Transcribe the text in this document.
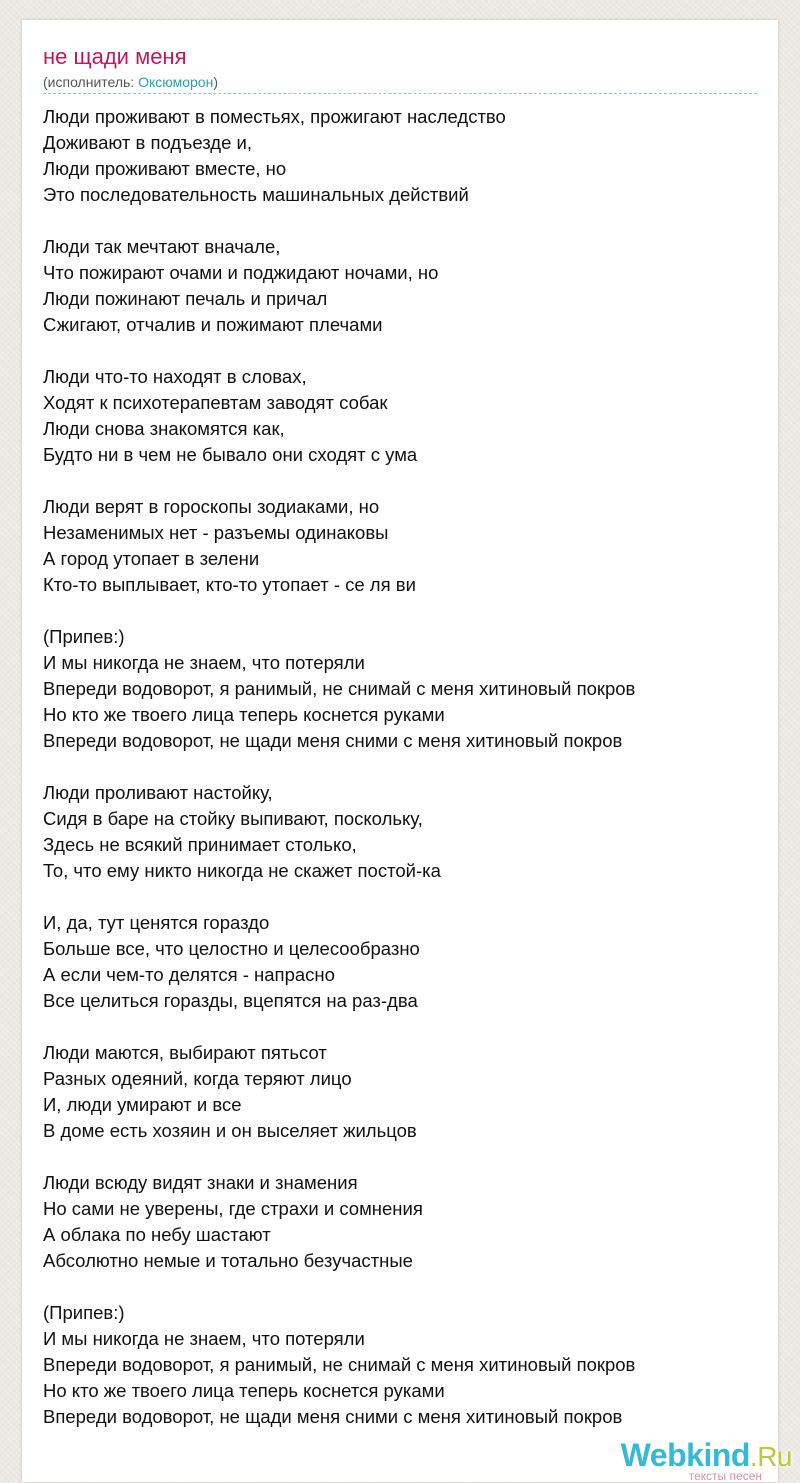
не щади меня
(исполнитель: Оксюморон)
Люди проживают в поместьях, прожигают наследство
Доживают в подъезде и,
Люди проживают вместе, но
Это последовательность машинальных действий
Люди так мечтают вначале,
Что пожирают очами и поджидают ночами, но
Люди пожинают печаль и причал
Сжигают, отчалив и пожимают плечами
Люди что-то находят в словах,
Ходят к психотерапевтам заводят собак
Люди снова знакомятся как,
Будто ни в чем не бывало они сходят с ума
Люди верят в гороскопы зодиаками, но
Незаменимых нет - разъемы одинаковы
А город утопает в зелени
Кто-то выплывает, кто-то утопает - се ля ви
(Припев:)
И мы никогда не знаем, что потеряли
Впереди водоворот, я ранимый, не снимай с меня хитиновый покров
Но кто же твоего лица теперь коснется руками
Впереди водоворот, не щади меня сними с меня хитиновый покров
Люди проливают настойку,
Сидя в баре на стойку выпивают, поскольку,
Здесь не всякий принимает столько,
То, что ему никто никогда не скажет постой-ка
И, да, тут ценятся гораздо
Больше все, что целостно и целесообразно
А если чем-то делятся - напрасно
Все целиться горазды, вцепятся на раз-два
Люди маются, выбирают пятьсот
Разных одеяний, когда теряют лицо
И, люди умирают и все
В доме есть хозяин и он выселяет жильцов
Люди всюду видят знаки и знамения
Но сами не уверены, где страхи и сомнения
А облака по небу шастают
Абсолютно немые и тотально безучастные
(Припев:)
И мы никогда не знаем, что потеряли
Впереди водоворот, я ранимый, не снимай с меня хитиновый покров
Но кто же твоего лица теперь коснется руками
Впереди водоворот, не щади меня сними с меня хитиновый покров
Webkind.Ru
тексты песен
